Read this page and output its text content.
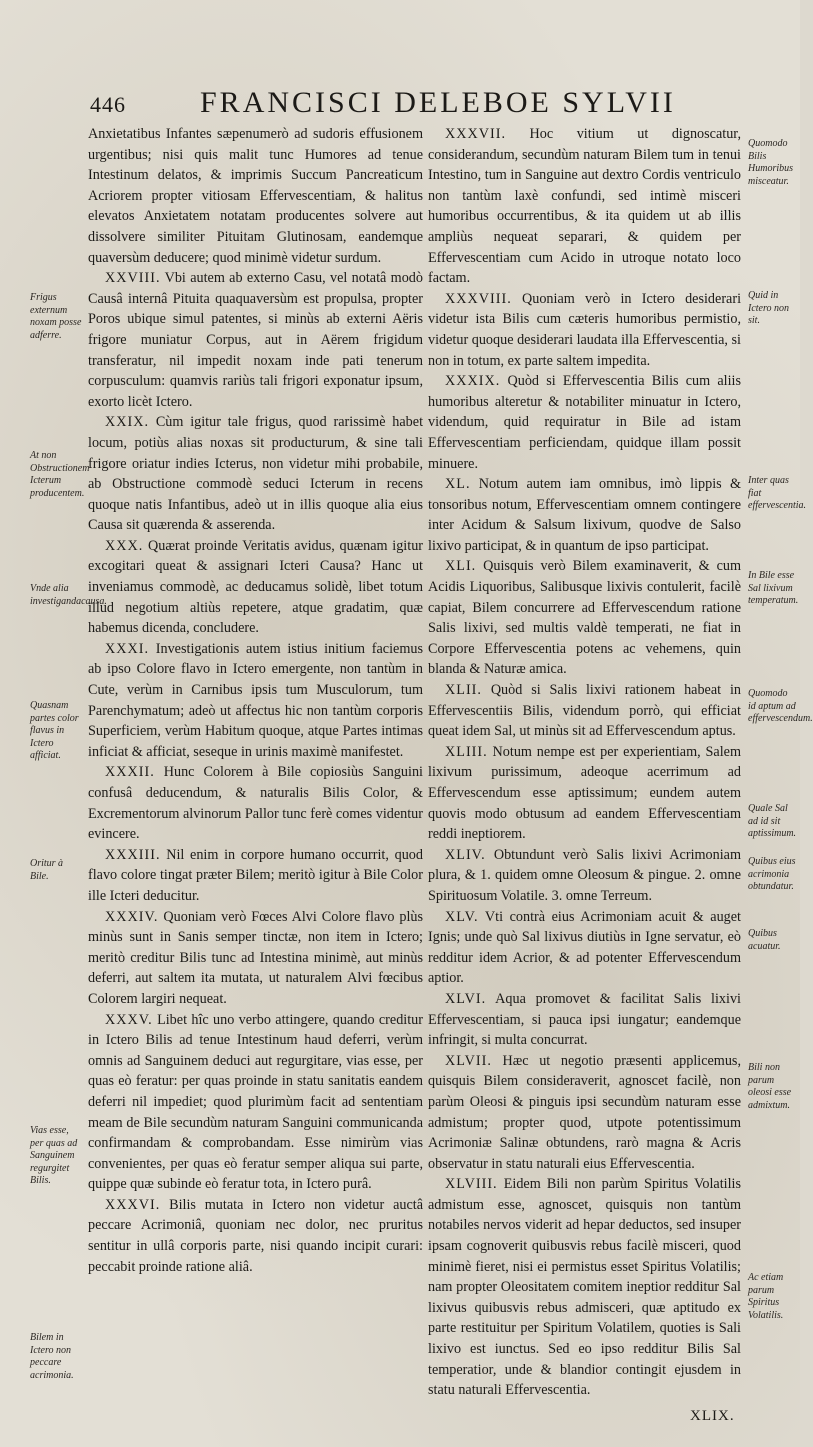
446 FRANCISCI DELEBOE SYLVII

Anxietatibus Infantes sæpenumerò ad sudoris effusionem urgentibus; nisi quis malit tunc Humores ad tenue Intestinum delatos, & imprimis Succum Pancreaticum Acriorem propter vitiosam Effervescentiam, & halitus elevatos Anxietatem notatam producentes solvere aut dissolvere similiter Pituitam Glutinosam, eandemque quaversùm deducere; quod minimè videtur surdum.

XXVIII. Vbi autem ab externo Casu, vel notatâ modò Causâ internâ Pituita quaquaversùm est propulsa, propter Poros ubique simul patentes, si minùs ab externi Aëris frigore muniatur Corpus, aut in Aërem frigidum transferatur, nil impedit noxam inde pati tenerum corpusculum: quamvis rariùs tali frigori exponatur ipsum, exorto licèt Ictero.

XXIX. Cùm igitur tale frigus, quod rarissimè habet locum, potiùs alias noxas sit producturum, & sine tali frigore oriatur indies Icterus, non videtur mihi probabile, ab Obstructione commodè seduci Icterum in recens quoque natis Infantibus, adeò ut in illis quoque alia eius Causa sit quærenda & asserenda.

XXX. Quærat proinde Veritatis avidus, quænam igitur excogitari queat & assignari Icteri Causa? Hanc ut inveniamus commodè, ac deducamus solidè, libet totum illud negotium altiùs repetere, atque gradatim, quæ habemus dicenda, concludere.

XXXI. Investigationis autem istius initium faciemus ab ipso Colore flavo in Ictero emergente, non tantùm in Cute, verùm in Carnibus ipsis tum Musculorum, tum Parenchymatum; adeò ut affectus hic non tantùm corporis Superficiem, verùm Habitum quoque, atque Partes intimas inficiat & afficiat, seseque in urinis maximè manifestet.

XXXII. Hunc Colorem à Bile copiosiùs Sanguini confusâ deducendum, & naturalis Bilis Color, & Excrementorum alvinorum Pallor tunc ferè comes videntur evincere.

XXXIII. Nil enim in corpore humano occurrit, quod flavo colore tingat præter Bilem; meritò igitur à Bile Color ille Icteri deducitur.

XXXIV. Quoniam verò Fœces Alvi Colore flavo plùs minùs sunt in Sanis semper tinctæ, non item in Ictero; meritò creditur Bilis tunc ad Intestina minimè, aut minùs deferri, aut saltem ita mutata, ut naturalem Alvi fœcibus Colorem largiri nequeat.

XXXV. Libet hîc uno verbo attingere, quando creditur in Ictero Bilis ad tenue Intestinum haud deferri, verùm omnis ad Sanguinem deduci aut regurgitare, vias esse, per quas eò feratur: per quas proinde in statu sanitatis eandem deferri nil impediet; quod plurimùm facit ad sententiam meam de Bile secundùm naturam Sanguini communicanda confirmandam & comprobandam. Esse nimirùm vias convenientes, per quas eò feratur semper aliqua sui parte, quippe quæ subinde eò feratur tota, in Ictero purâ.

XXXVI. Bilis mutata in Ictero non videtur auctâ peccare Acrimoniâ, quoniam nec dolor, nec pruritus sentitur in ullâ corporis parte, nisi quando incipit curari: peccabit proinde ratione aliâ.

XXXVII. Hoc vitium ut dignoscatur, considerandum, secundùm naturam Bilem tum in tenui Intestino, tum in Sanguine aut dextro Cordis ventriculo non tantùm laxè confundi, sed intimè misceri humoribus occurrentibus, & ita quidem ut ab illis ampliùs nequeat separari, & quidem per Effervescentiam cum Acido in utroque notato loco factam.

XXXVIII. Quoniam verò in Ictero desiderari videtur ista Bilis cum cæteris humoribus permistio, videtur quoque desiderari laudata illa Effervescentia, si non in totum, ex parte saltem impedita.

XXXIX. Quòd si Effervescentia Bilis cum aliis humoribus alteretur & notabiliter minuatur in Ictero, videndum, quid requiratur in Bile ad istam Effervescentiam perficiendam, quidque illam possit minuere.

XL. Notum autem iam omnibus, imò lippis & tonsoribus notum, Effervescentiam omnem contingere inter Acidum & Salsum lixivum, quodve de Salso lixivo participat, & in quantum de ipso participat.

XLI. Quisquis verò Bilem examinaverit, & cum Acidis Liquoribus, Salibusque lixivis contulerit, facilè capiat, Bilem concurrere ad Effervescendum ratione Salis lixivi, sed multis valdè temperati, ne fiat in Corpore Effervescentia potens ac vehemens, quin blanda & Naturæ amica.

XLII. Quòd si Salis lixivi rationem habeat in Effervescentiis Bilis, videndum porrò, qui efficiat queat idem Sal, ut minùs sit ad Effervescendum aptus.

XLIII. Notum nempe est per experientiam, Salem lixivum purissimum, adeoque acerrimum ad Effervescendum esse aptissimum; eundem autem quovis modo obtusum ad eandem Effervescentiam reddi ineptiorem.

XLIV. Obtundunt verò Salis lixivi Acrimoniam plura, & 1. quidem omne Oleosum & pingue. 2. omne Spirituosum Volatile. 3. omne Terreum.

XLV. Vti contrà eius Acrimoniam acuit & auget Ignis; unde quò Sal lixivus diutiùs in Igne servatur, eò redditur idem Acrior, & ad potenter Effervescendum aptior.

XLVI. Aqua promovet & facilitat Salis lixivi Effervescentiam, si pauca ipsi iungatur; eandemque infringit, si multa concurrat.

XLVII. Hæc ut negotio præsenti applicemus, quisquis Bilem consideraverit, agnoscet facilè, non parùm Oleosi & pinguis ipsi secundùm naturam esse admistum; propter quod, utpote potentissimum Acrimoniæ Salinæ obtundens, rarò magna & Acris observatur in statu naturali eius Effervescentia.

XLVIII. Eidem Bili non parùm Spiritus Volatilis admistum esse, agnoscet, quisquis non tantùm notabiles nervos viderit ad hepar deductos, sed insuper ipsam cognoverit quibusvis rebus facilè misceri, quod minimè fieret, nisi ei permistus esset Spiritus Volatilis; nam propter Oleositatem comitem ineptior redditur Sal lixivus quibusvis rebus admisceri, quæ aptitudo ex parte restituitur per Spiritum Volatilem, quoties is Sali lixivo est iunctus. Sed eo ipso redditur Bilis Sal temperatior, unde & blandior contingit ejusdem in statu naturali Effervescentia.

Frigus externum noxam posse adferre.
At non Obstructionem Icterum producentem.
Vnde alia investigandacausa.
Quasnam partes color flavus in Ictero afficiat.
Oritur à Bile.
Vias esse, per quas ad Sanguinem regurgitet Bilis.
Bilem in Ictero non peccare acrimonia.
Quomodo Bilis Humoribus misceatur.
Quid in Ictero non sit.
Inter quas fiat effervescentia.
In Bile esse Sal lixivum temperatum.
Quomodo id aptum ad effervescendum.
Quale Sal ad id sit aptissimum.
Quibus eius acrimonia obtundatur.
Quibus acuatur.
Bili non parum oleosi esse admixtum.
Ac etiam parum Spiritus Volatilis.
XLIX.
